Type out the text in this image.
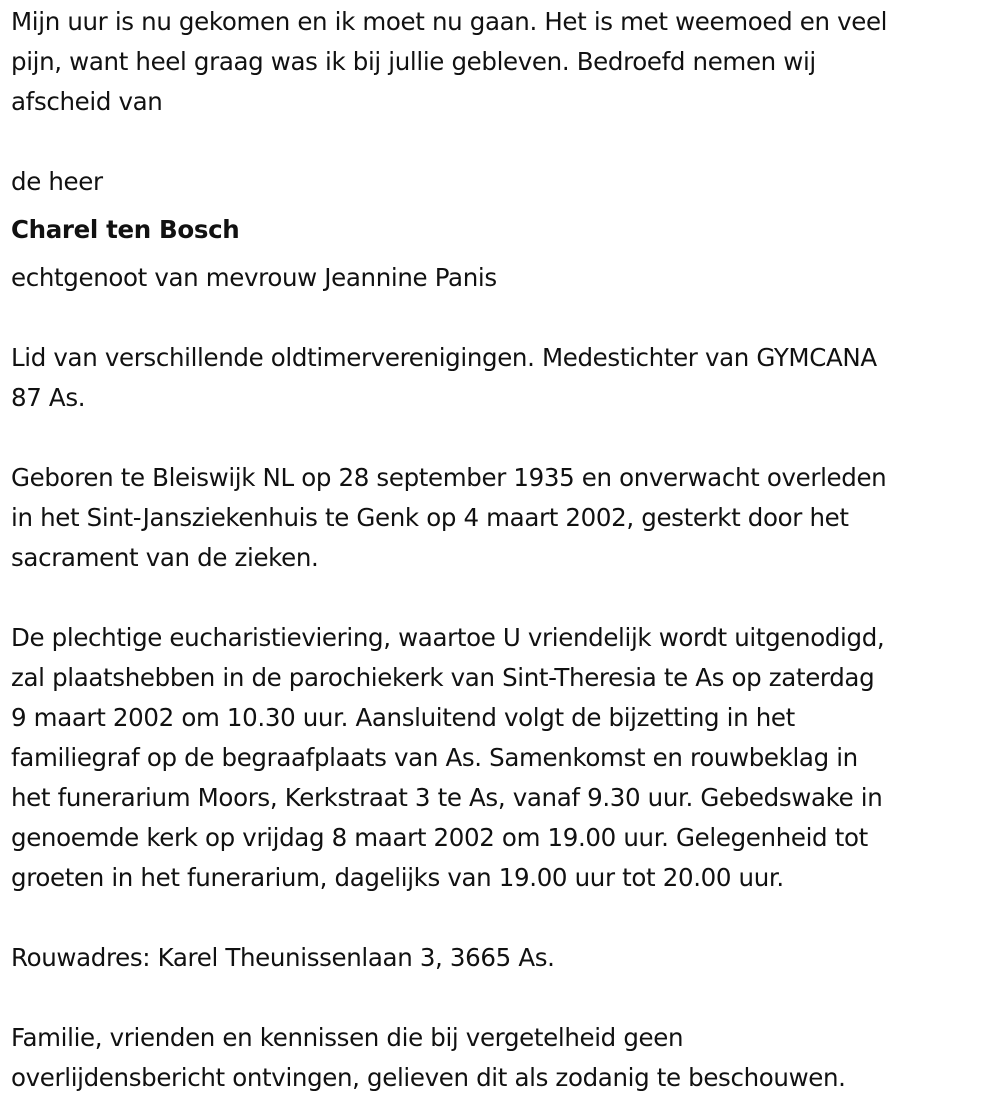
Mijn uur is nu gekomen en ik moet nu gaan. Het is met weemoed en veel
pijn, want heel graag was ik bij jullie gebleven. Bedroefd nemen wij
afscheid van

de heer

Charel ten Bosch

echtgenoot van mevrouw Jeannine Panis

Lid van verschillende oldtimerverenigingen. Medestichter van GYMCANA
87 As.

Geboren te Bleiswijk NL op 28 september 1935 en onverwacht overleden
in het Sint-Jansziekenhuis te Genk op 4 maart 2002, gesterkt door het
sacrament van de zieken.

De plechtige eucharistieviering, waartoe U vriendelijk wordt uitgenodigd,
zal plaatshebben in de parochiekerk van Sint-Theresia te As op zaterdag
9 maart 2002 om 10.30 uur. Aansluitend volgt de bijzetting in het
familiegraf op de begraafplaats van As. Samenkomst en rouwbeklag in
het funerarium Moors, Kerkstraat 3 te As, vanaf 9.30 uur. Gebedswake in
genoemde kerk op vrijdag 8 maart 2002 om 19.00 uur. Gelegenheid tot
groeten in het funerarium, dagelijks van 19.00 uur tot 20.00 uur.

Rouwadres: Karel Theunissenlaan 3, 3665 As.

Familie, vrienden en kennissen die bij vergetelheid geen
overlijdensbericht ontvingen, gelieven dit als zodanig te beschouwen.
